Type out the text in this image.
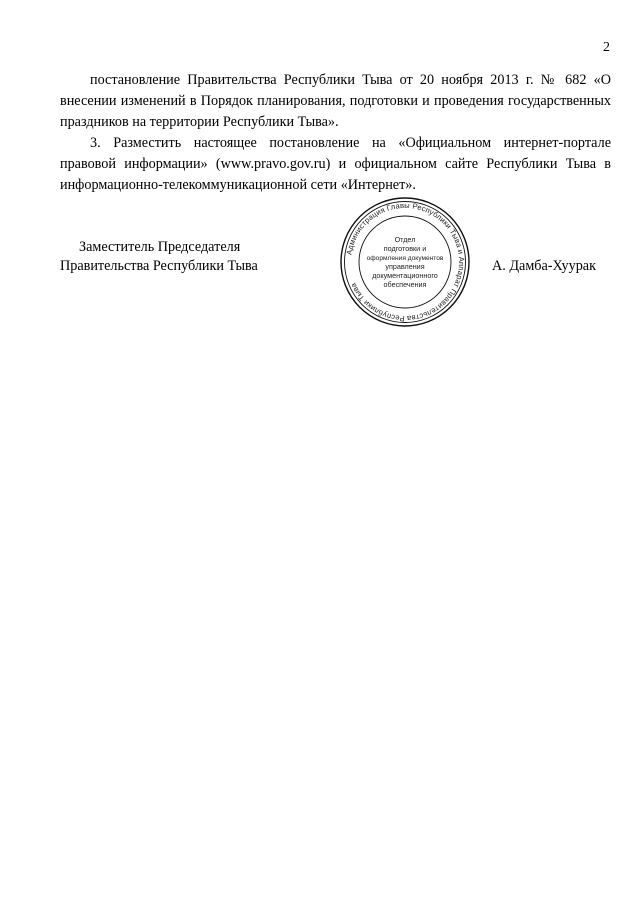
2

постановление Правительства Республики Тыва от 20 ноября 2013 г. № 682 «О внесении изменений в Порядок планирования, подготовки и проведения государственных праздников на территории Республики Тыва».

3. Разместить настоящее постановление на «Официальном интернет-портале правовой информации» (www.pravo.gov.ru) и официальном сайте Республики Тыва в информационно-телекоммуникационной сети «Интернет».

Заместитель Председателя
Правительства Республики Тыва
Администрация Главы Республики Тыва и Аппарат Правительства Республики Тыва
Отдел
подготовки и
оформления документов
управления
документационного
обеспечения
А. Дамба-Хуурак
